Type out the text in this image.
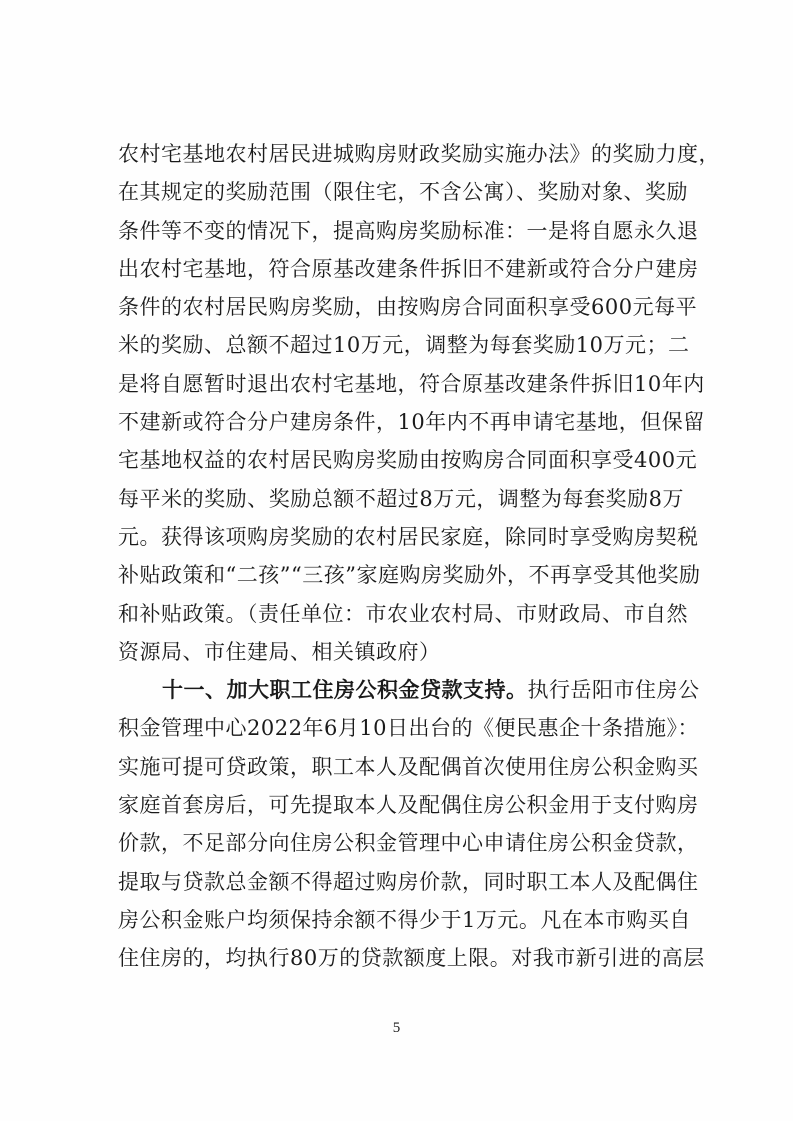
农村宅基地农村居民进城购房财政奖励实施办法》的奖励力度，
在其规定的奖励范围（限住宅，不含公寓）、奖励对象、奖励
条件等不变的情况下，提高购房奖励标准：一是将自愿永久退
出农村宅基地，符合原基改建条件拆旧不建新或符合分户建房
条件的农村居民购房奖励，由按购房合同面积享受600元每平
米的奖励、总额不超过10万元，调整为每套奖励10万元；二
是将自愿暂时退出农村宅基地，符合原基改建条件拆旧10年内
不建新或符合分户建房条件，10年内不再申请宅基地，但保留
宅基地权益的农村居民购房奖励由按购房合同面积享受400元
每平米的奖励、奖励总额不超过8万元，调整为每套奖励8万
元。获得该项购房奖励的农村居民家庭，除同时享受购房契税
补贴政策和“二孩”“三孩”家庭购房奖励外，不再享受其他奖励
和补贴政策。（责任单位：市农业农村局、市财政局、市自然
资源局、市住建局、相关镇政府）
十一、加大职工住房公积金贷款支持。执行岳阳市住房公
积金管理中心2022年6月10日出台的《便民惠企十条措施》：
实施可提可贷政策，职工本人及配偶首次使用住房公积金购买
家庭首套房后，可先提取本人及配偶住房公积金用于支付购房
价款，不足部分向住房公积金管理中心申请住房公积金贷款，
提取与贷款总金额不得超过购房价款，同时职工本人及配偶住
房公积金账户均须保持余额不得少于1万元。凡在本市购买自
住住房的，均执行80万的贷款额度上限。对我市新引进的高层
5
